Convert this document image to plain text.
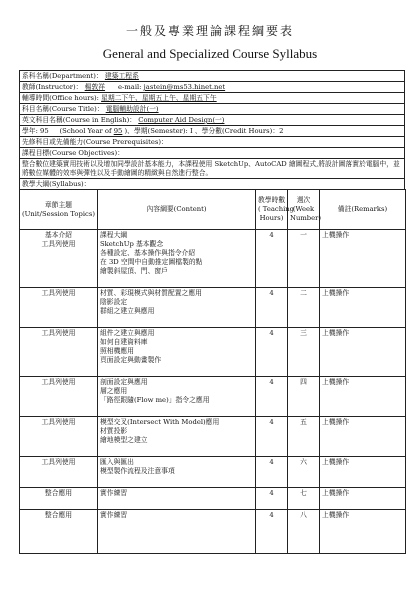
一般及專業理論課程綱要表
General and Specialized Course Syllabus
系科名稱(Department)： 建築工程系
教師(Instructor)： 楊敦祥 e-mail: jastein@ms53.hinet.net
輔導時間(Office hours): 星期二下午、星期五上午、星期五下午
科目名稱(Course Title)： 電腦輔助設計(一)
英文科目名稱(Course in English)： Computer Aid Design(一)
學年: 95 (School Year of 95 )、學期(Semester): I 、學分數(Credit Hours)：2
先修科目或先備能力(Course Prerequisites)：
課程目標(Course Objectives)：
整合數位建築實用技術以及增加同學設計基本能力，本課程使用 SketchUp、AutoCAD 繪圖程式,將設計圖落實於電腦中，並將數位媒體的效率與彈性以及手動繪圖的精緻與自然進行整合。
教學大綱(Syllabus)：
章節主題
(Unit/Session Topics)	內容綱要(Content)	教學時數
( Teaching
Hours)	週次
(Week
Number)	備註(Remarks)

基本介紹
工具列使用	課程大綱
SketchUp 基本觀念
各種設定、基本操作與指令介紹
在 3D 空間中自動推定圖檔製的點
繪製斜屋頂、門、窗戶	4	一	上機操作

工具列使用	材質、彩現模式與材質配置之應用
陰影設定
群組之建立與應用	4	二	上機操作

工具列使用	組件之建立與應用
如何自建資料庫
照相機應用
頁面設定與動畫製作	4	三	上機操作

工具列使用	剖面設定與應用
層之應用
「路徑跟隨(Flow me)」指令之應用	4	四	上機操作

工具列使用	模型交叉(Intersect With Model)應用
材質投影
繪地模型之建立	4	五	上機操作

工具列使用	匯入與匯出
模型製作流程及注意事項	4	六	上機操作

整合應用	實作練習	4	七	上機操作

整合應用	實作練習	4	八	上機操作
